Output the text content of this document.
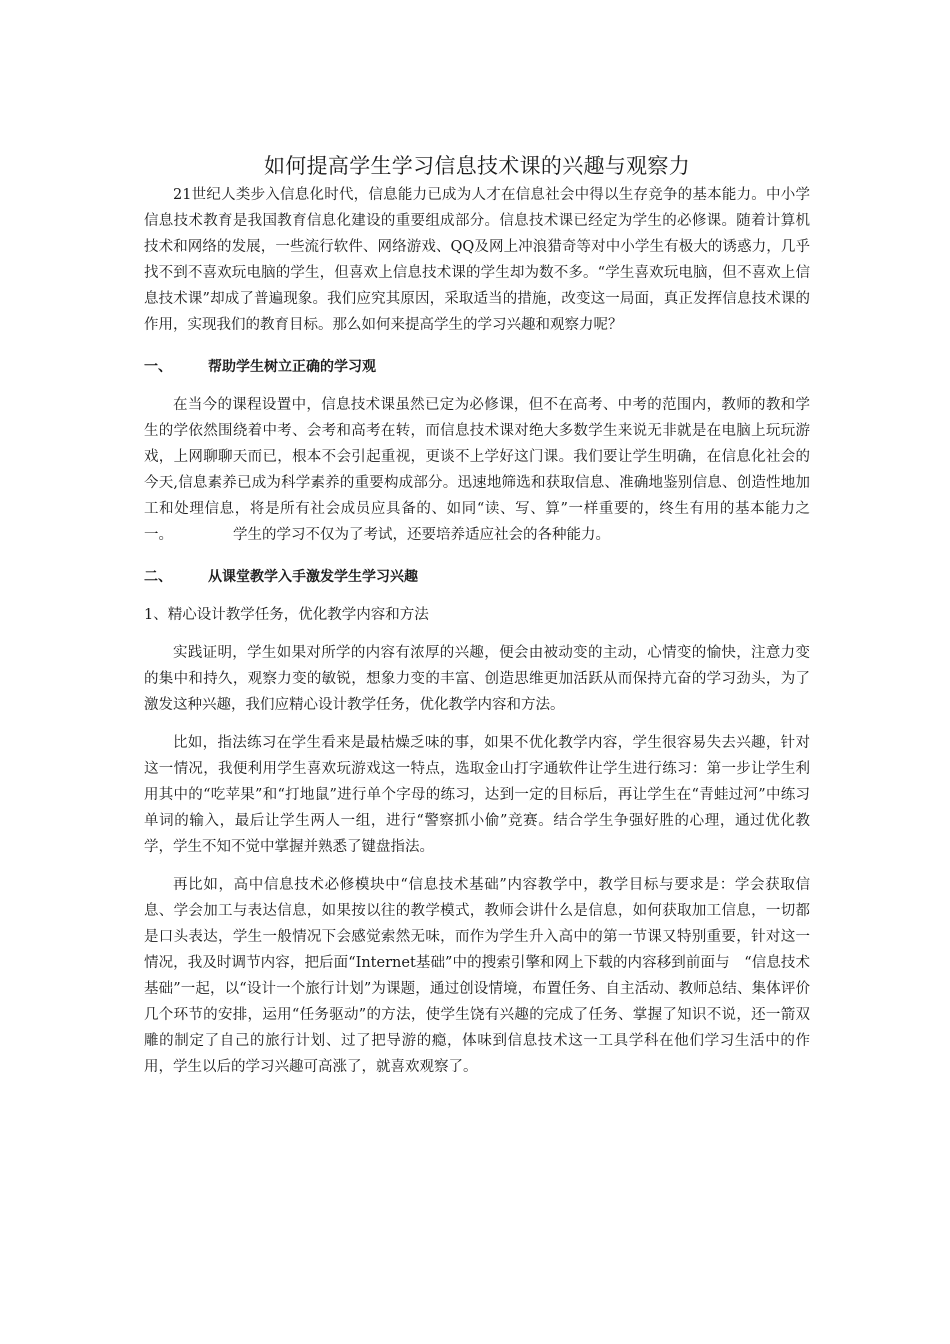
如何提高学生学习信息技术课的兴趣与观察力

21世纪人类步入信息化时代，信息能力已成为人才在信息社会中得以生存竞争的基本能力。中小学信息技术教育是我国教育信息化建设的重要组成部分。信息技术课已经定为学生的必修课。随着计算机技术和网络的发展，一些流行软件、网络游戏、QQ及网上冲浪猎奇等对中小学生有极大的诱惑力，几乎找不到不喜欢玩电脑的学生，但喜欢上信息技术课的学生却为数不多。“学生喜欢玩电脑，但不喜欢上信息技术课”却成了普遍现象。我们应究其原因，采取适当的措施，改变这一局面，真正发挥信息技术课的作用，实现我们的教育目标。那么如何来提高学生的学习兴趣和观察力呢？

一、	帮助学生树立正确的学习观

在当今的课程设置中，信息技术课虽然已定为必修课，但不在高考、中考的范围内，教师的教和学生的学依然围绕着中考、会考和高考在转，而信息技术课对绝大多数学生来说无非就是在电脑上玩玩游戏，上网聊聊天而已，根本不会引起重视，更谈不上学好这门课。我们要让学生明确，在信息化社会的今天,信息素养已成为科学素养的重要构成部分。迅速地筛选和获取信息、准确地鉴别信息、创造性地加工和处理信息，将是所有社会成员应具备的、如同“读、写、算”一样重要的，终生有用的基本能力之一。	学生的学习不仅为了考试，还要培养适应社会的各种能力。

二、	从课堂教学入手激发学生学习兴趣

1、精心设计教学任务，优化教学内容和方法

实践证明，学生如果对所学的内容有浓厚的兴趣，便会由被动变的主动，心情变的愉快，注意力变的集中和持久，观察力变的敏锐，想象力变的丰富、创造思维更加活跃从而保持亢奋的学习劲头，为了激发这种兴趣，我们应精心设计教学任务，优化教学内容和方法。

比如，指法练习在学生看来是最枯燥乏味的事，如果不优化教学内容，学生很容易失去兴趣，针对这一情况，我便利用学生喜欢玩游戏这一特点，选取金山打字通软件让学生进行练习：第一步让学生利用其中的“吃苹果”和“打地鼠”进行单个字母的练习，达到一定的目标后，再让学生在“青蛙过河”中练习单词的输入，最后让学生两人一组，进行“警察抓小偷”竞赛。结合学生争强好胜的心理，通过优化教学，学生不知不觉中掌握并熟悉了键盘指法。

再比如，高中信息技术必修模块中“信息技术基础”内容教学中，教学目标与要求是：学会获取信息、学会加工与表达信息，如果按以往的教学模式，教师会讲什么是信息，如何获取加工信息，一切都是口头表达，学生一般情况下会感觉索然无味，而作为学生升入高中的第一节课又特别重要，针对这一情况，我及时调节内容，把后面“Internet基础”中的搜索引擎和网上下载的内容移到前面与　“信息技术基础”一起，以“设计一个旅行计划”为课题，通过创设情境，布置任务、自主活动、教师总结、集体评价几个环节的安排，运用“任务驱动”的方法，使学生饶有兴趣的完成了任务、掌握了知识不说，还一箭双雕的制定了自己的旅行计划、过了把导游的瘾，体味到信息技术这一工具学科在他们学习生活中的作用，学生以后的学习兴趣可高涨了，就喜欢观察了。
